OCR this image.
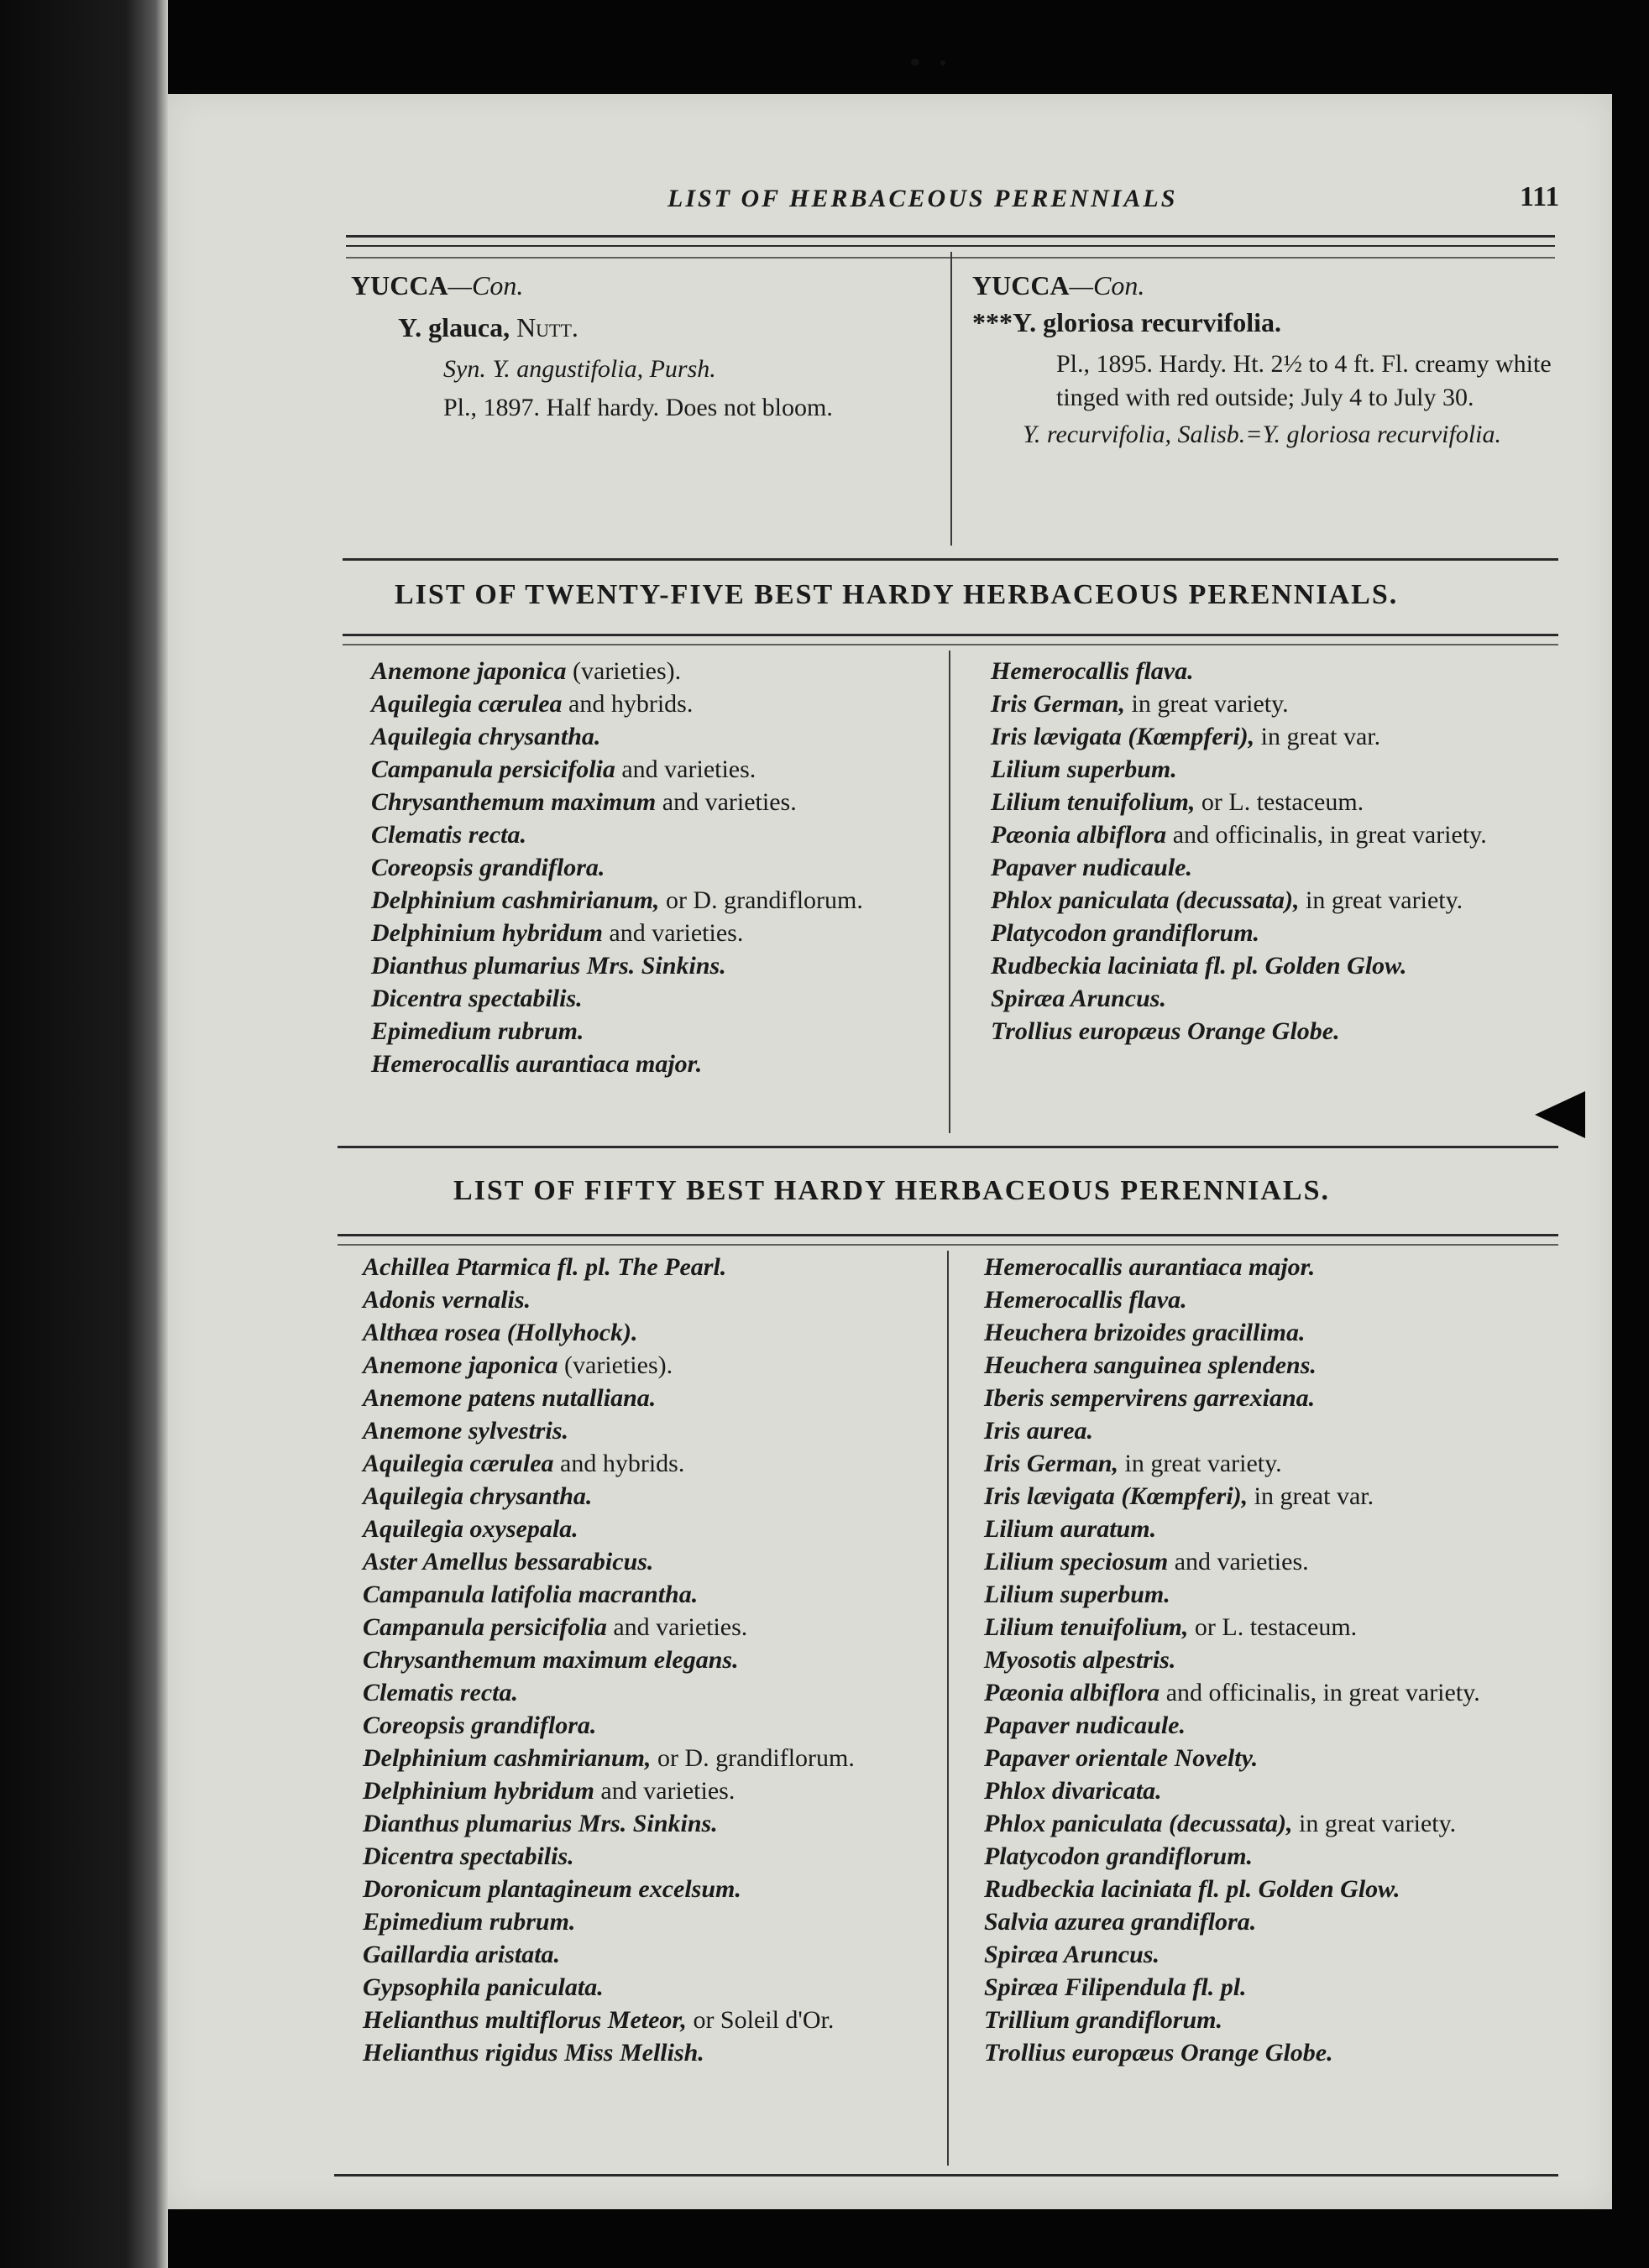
LIST OF HERBACEOUS PERENNIALS	111
YUCCA—Con.
Y. glauca, Nutt.
Syn. Y. angustifolia, Pursh.
Pl., 1897. Half hardy. Does not bloom.
YUCCA—Con.
***Y. gloriosa recurvifolia.
Pl., 1895. Hardy. Ht. 2½ to 4 ft. Fl. creamy white tinged with red outside; July 4 to July 30.
Y. recurvifolia, Salisb.=Y. gloriosa recurvifolia.
LIST OF TWENTY-FIVE BEST HARDY HERBACEOUS PERENNIALS.
Anemone japonica (varieties).
Aquilegia cærulea and hybrids.
Aquilegia chrysantha.
Campanula persicifolia and varieties.
Chrysanthemum maximum and varieties.
Clematis recta.
Coreopsis grandiflora.
Delphinium cashmirianum, or D. grandiflorum.
Delphinium hybridum and varieties.
Dianthus plumarius Mrs. Sinkins.
Dicentra spectabilis.
Epimedium rubrum.
Hemerocallis aurantiaca major.
Hemerocallis flava.
Iris German, in great variety.
Iris lævigata (Kœmpferi), in great var.
Lilium superbum.
Lilium tenuifolium, or L. testaceum.
Pæonia albiflora and officinalis, in great variety.
Papaver nudicaule.
Phlox paniculata (decussata), in great variety.
Platycodon grandiflorum.
Rudbeckia laciniata fl. pl. Golden Glow.
Spiræa Aruncus.
Trollius europæus Orange Globe.
LIST OF FIFTY BEST HARDY HERBACEOUS PERENNIALS.
Achillea Ptarmica fl. pl. The Pearl.
Adonis vernalis.
Althæa rosea (Hollyhock).
Anemone japonica (varieties).
Anemone patens nutalliana.
Anemone sylvestris.
Aquilegia cærulea and hybrids.
Aquilegia chrysantha.
Aquilegia oxysepala.
Aster Amellus bessarabicus.
Campanula latifolia macrantha.
Campanula persicifolia and varieties.
Chrysanthemum maximum elegans.
Clematis recta.
Coreopsis grandiflora.
Delphinium cashmirianum, or D. grandiflorum.
Delphinium hybridum and varieties.
Dianthus plumarius Mrs. Sinkins.
Dicentra spectabilis.
Doronicum plantagineum excelsum.
Epimedium rubrum.
Gaillardia aristata.
Gypsophila paniculata.
Helianthus multiflorus Meteor, or Soleil d'Or.
Helianthus rigidus Miss Mellish.
Hemerocallis aurantiaca major.
Hemerocallis flava.
Heuchera brizoides gracillima.
Heuchera sanguinea splendens.
Iberis sempervirens garrexiana.
Iris aurea.
Iris German, in great variety.
Iris lævigata (Kœmpferi), in great var.
Lilium auratum.
Lilium speciosum and varieties.
Lilium superbum.
Lilium tenuifolium, or L. testaceum.
Myosotis alpestris.
Pæonia albiflora and officinalis, in great variety.
Papaver nudicaule.
Papaver orientale Novelty.
Phlox divaricata.
Phlox paniculata (decussata), in great variety.
Platycodon grandiflorum.
Rudbeckia laciniata fl. pl. Golden Glow.
Salvia azurea grandiflora.
Spiræa Aruncus.
Spiræa Filipendula fl. pl.
Trillium grandiflorum.
Trollius europæus Orange Globe.
